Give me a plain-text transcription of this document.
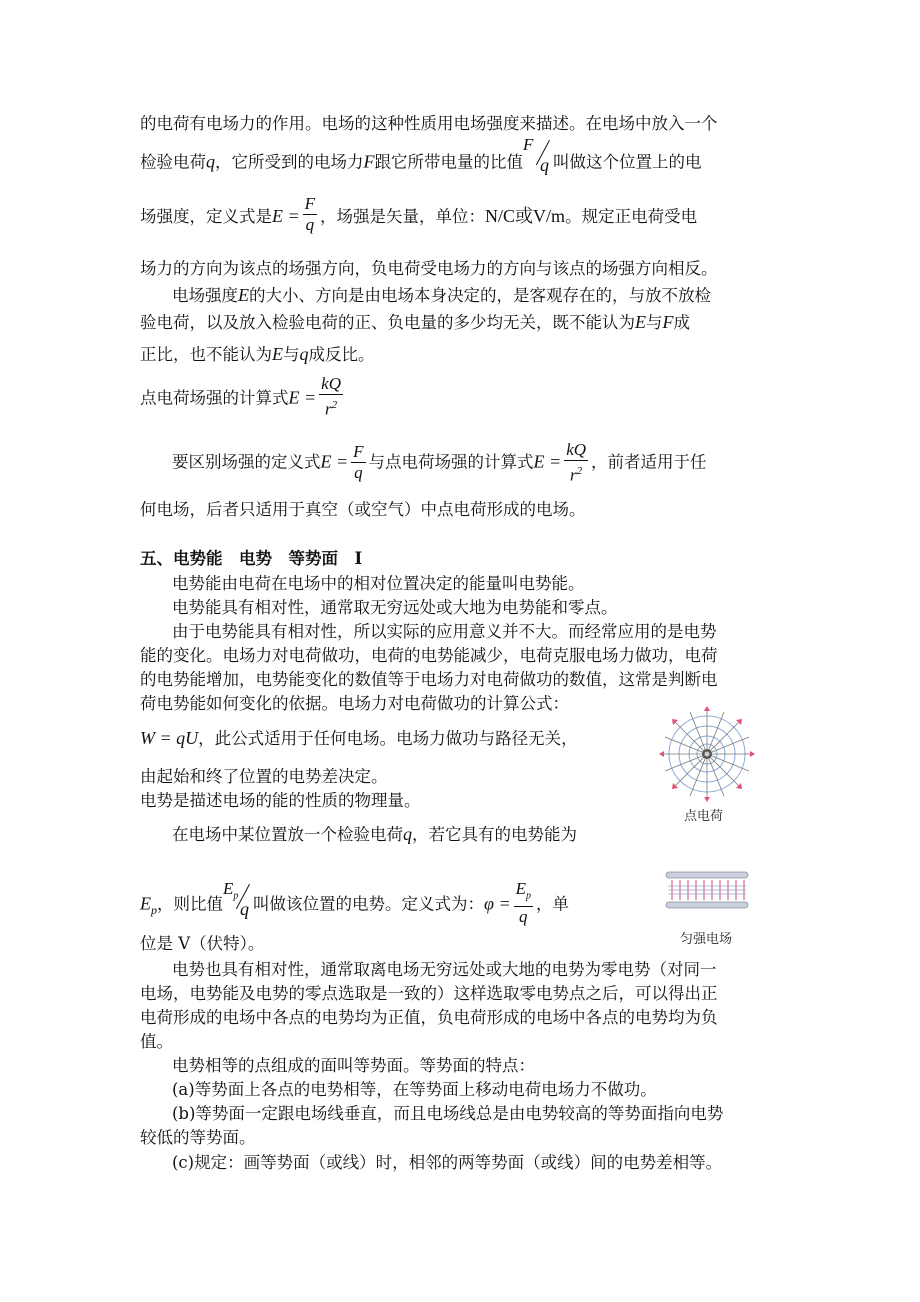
的电荷有电场力的作用。电场的这种性质用电场强度来描述。在电场中放入一个
检验电荷q，它所受到的电场力F跟它所带电量的比值
F
q 叫做这个位置上的电
场强度，定义式是$E = \frac{F}{q}$ ，场强是矢量，单位：N/C或V/m。规定正电荷受电
场力的方向为该点的场强方向，负电荷受电场力的方向与该点的场强方向相反。
电场强度E的大小、方向是由电场本身决定的，是客观存在的，与放不放检
验电荷，以及放入检验电荷的正、负电量的多少均无关，既不能认为E与F成
正比，也不能认为E与q成反比。
点电荷场强的计算式$E = \frac{kQ}{r^2}$
要区别场强的定义式$E = \frac{F}{q}$ 与点电荷场强的计算式$E = \frac{kQ}{r^2}$ ，前者适用于任
何电场，后者只适用于真空（或空气）中点电荷形成的电场。
五、电势能　电势　等势面　I
电势能由电荷在电场中的相对位置决定的能量叫电势能。
电势能具有相对性，通常取无穷远处或大地为电势能和零点。
由于电势能具有相对性，所以实际的应用意义并不大。而经常应用的是电势
能的变化。电场力对电荷做功，电荷的电势能减少，电荷克服电场力做功，电荷
的电势能增加，电势能变化的数值等于电场力对电荷做功的数值，这常是判断电
荷电势能如何变化的依据。电场力对电荷做功的计算公式：
W = qU，此公式适用于任何电场。电场力做功与路径无关，
由起始和终了位置的电势差决定。
电势是描述电场的能的性质的物理量。
在电场中某位置放一个检验电荷q，若它具有的电势能为
$E_p$，则比值
$E_p$
q 叫做该位置的电势。定义式为：$\varphi = \frac{E_p}{q}$ ，单
位是 V（伏特）。
电势也具有相对性，通常取离电场无穷远处或大地的电势为零电势（对同一
电场，电势能及电势的零点选取是一致的）这样选取零电势点之后，可以得出正
电荷形成的电场中各点的电势均为正值，负电荷形成的电场中各点的电势均为负
值。
电势相等的点组成的面叫等势面。等势面的特点：
(a)等势面上各点的电势相等，在等势面上移动电荷电场力不做功。
(b)等势面一定跟电场线垂直，而且电场线总是由电势较高的等势面指向电势
较低的等势面。
(c)规定：画等势面（或线）时，相邻的两等势面（或线）间的电势差相等。
点电荷
匀强电场
